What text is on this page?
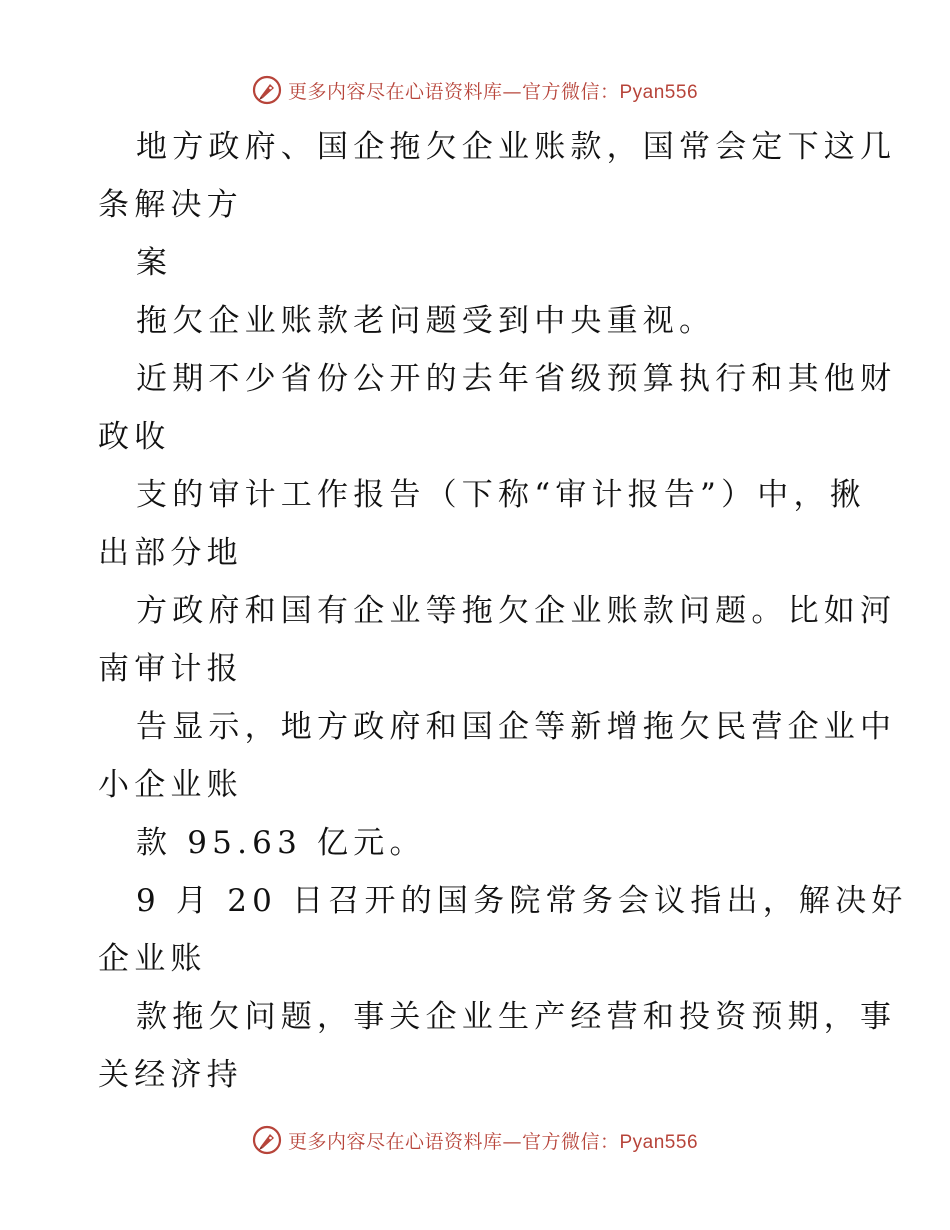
更多内容尽在心语资料库—官方微信：Pyan556
地方政府、国企拖欠企业账款，国常会定下这几
条解决方
案
拖欠企业账款老问题受到中央重视。
近期不少省份公开的去年省级预算执行和其他财
政收
支的审计工作报告（下称“审计报告”）中，揪
出部分地
方政府和国有企业等拖欠企业账款问题。比如河
南审计报
告显示，地方政府和国企等新增拖欠民营企业中
小企业账
款 95.63 亿元。
9 月 20 日召开的国务院常务会议指出，解决好
企业账
款拖欠问题，事关企业生产经营和投资预期，事
关经济持
更多内容尽在心语资料库—官方微信：Pyan556
